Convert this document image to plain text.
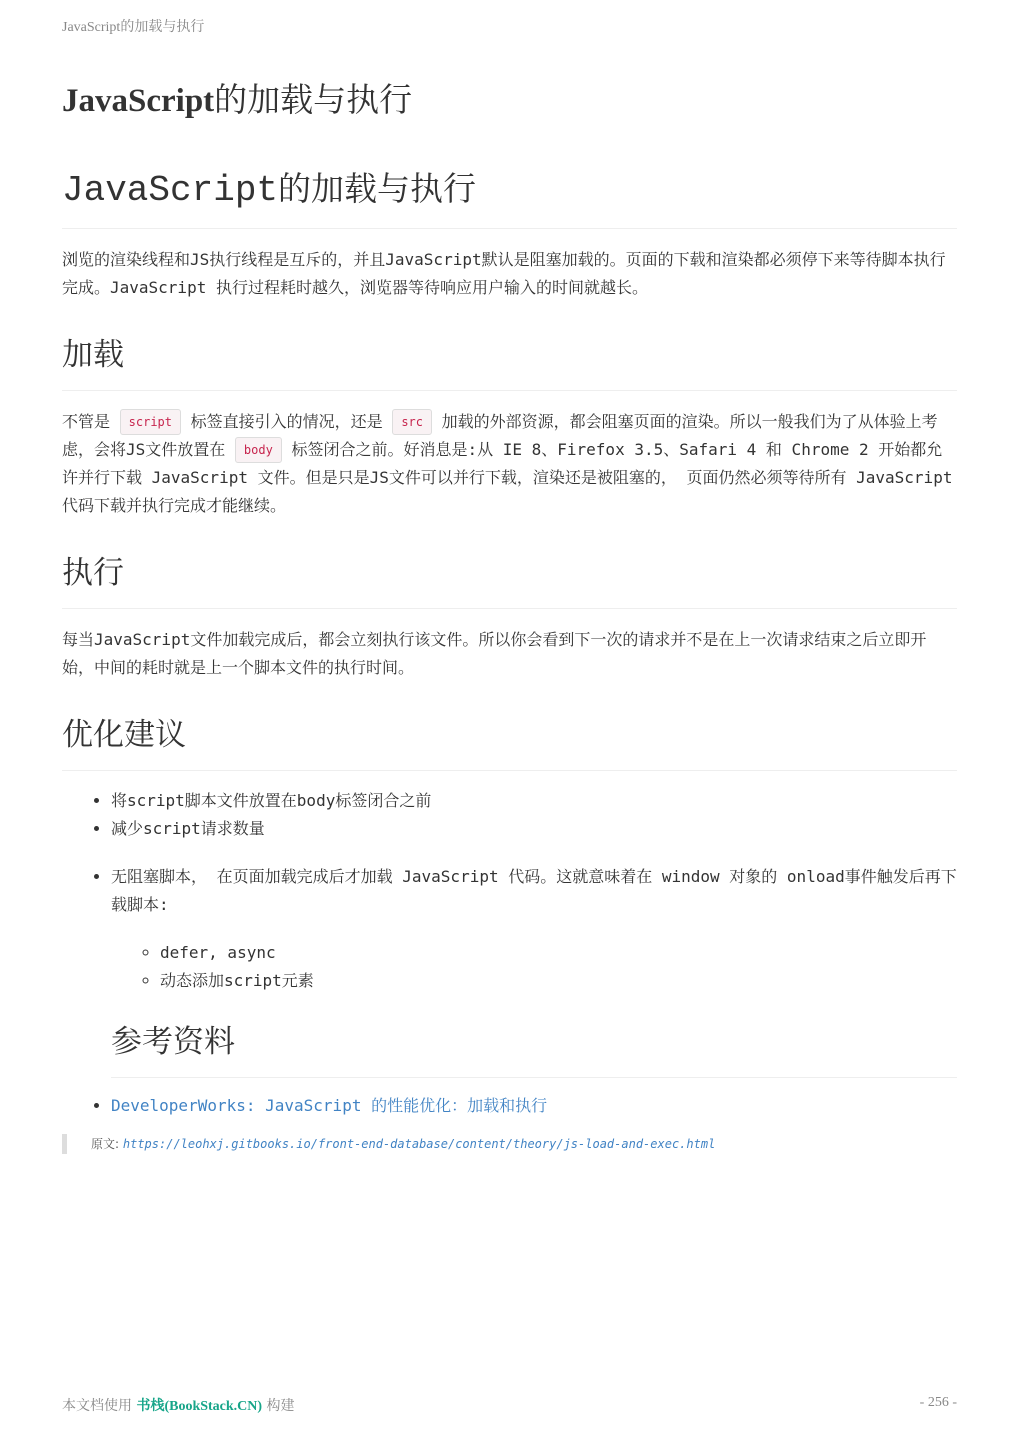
JavaScript的加载与执行
JavaScript的加载与执行
JavaScript的加载与执行

浏览的渲染线程和JS执行线程是互斥的，并且JavaScript默认是阻塞加载的。页面的下载和渲染都必须停下来等待脚本执行完成。JavaScript 执行过程耗时越久，浏览器等待响应用户输入的时间就越长。

加载

不管是 script 标签直接引入的情况，还是 src 加载的外部资源，都会阻塞页面的渲染。所以一般我们为了从体验上考虑，会将JS文件放置在 body 标签闭合之前。好消息是:从 IE 8、Firefox 3.5、Safari 4 和 Chrome 2 开始都允许并行下载 JavaScript 文件。但是只是JS文件可以并行下载，渲染还是被阻塞的， 页面仍然必须等待所有 JavaScript 代码下载并执行完成才能继续。

执行

每当JavaScript文件加载完成后，都会立刻执行该文件。所以你会看到下一次的请求并不是在上一次请求结束之后立即开始，中间的耗时就是上一个脚本文件的执行时间。

优化建议
• 将script脚本文件放置在body标签闭合之前
• 减少script请求数量
• 无阻塞脚本， 在页面加载完成后才加载 JavaScript 代码。这就意味着在 window 对象的 onload事件触发后再下载脚本:
◦ defer, async
◦ 动态添加script元素
参考资料
• DeveloperWorks: JavaScript 的性能优化：加载和执行
原文: https://leohxj.gitbooks.io/front-end-database/content/theory/js-load-and-exec.html
本文档使用 书栈(BookStack.CN) 构建	- 256 -
